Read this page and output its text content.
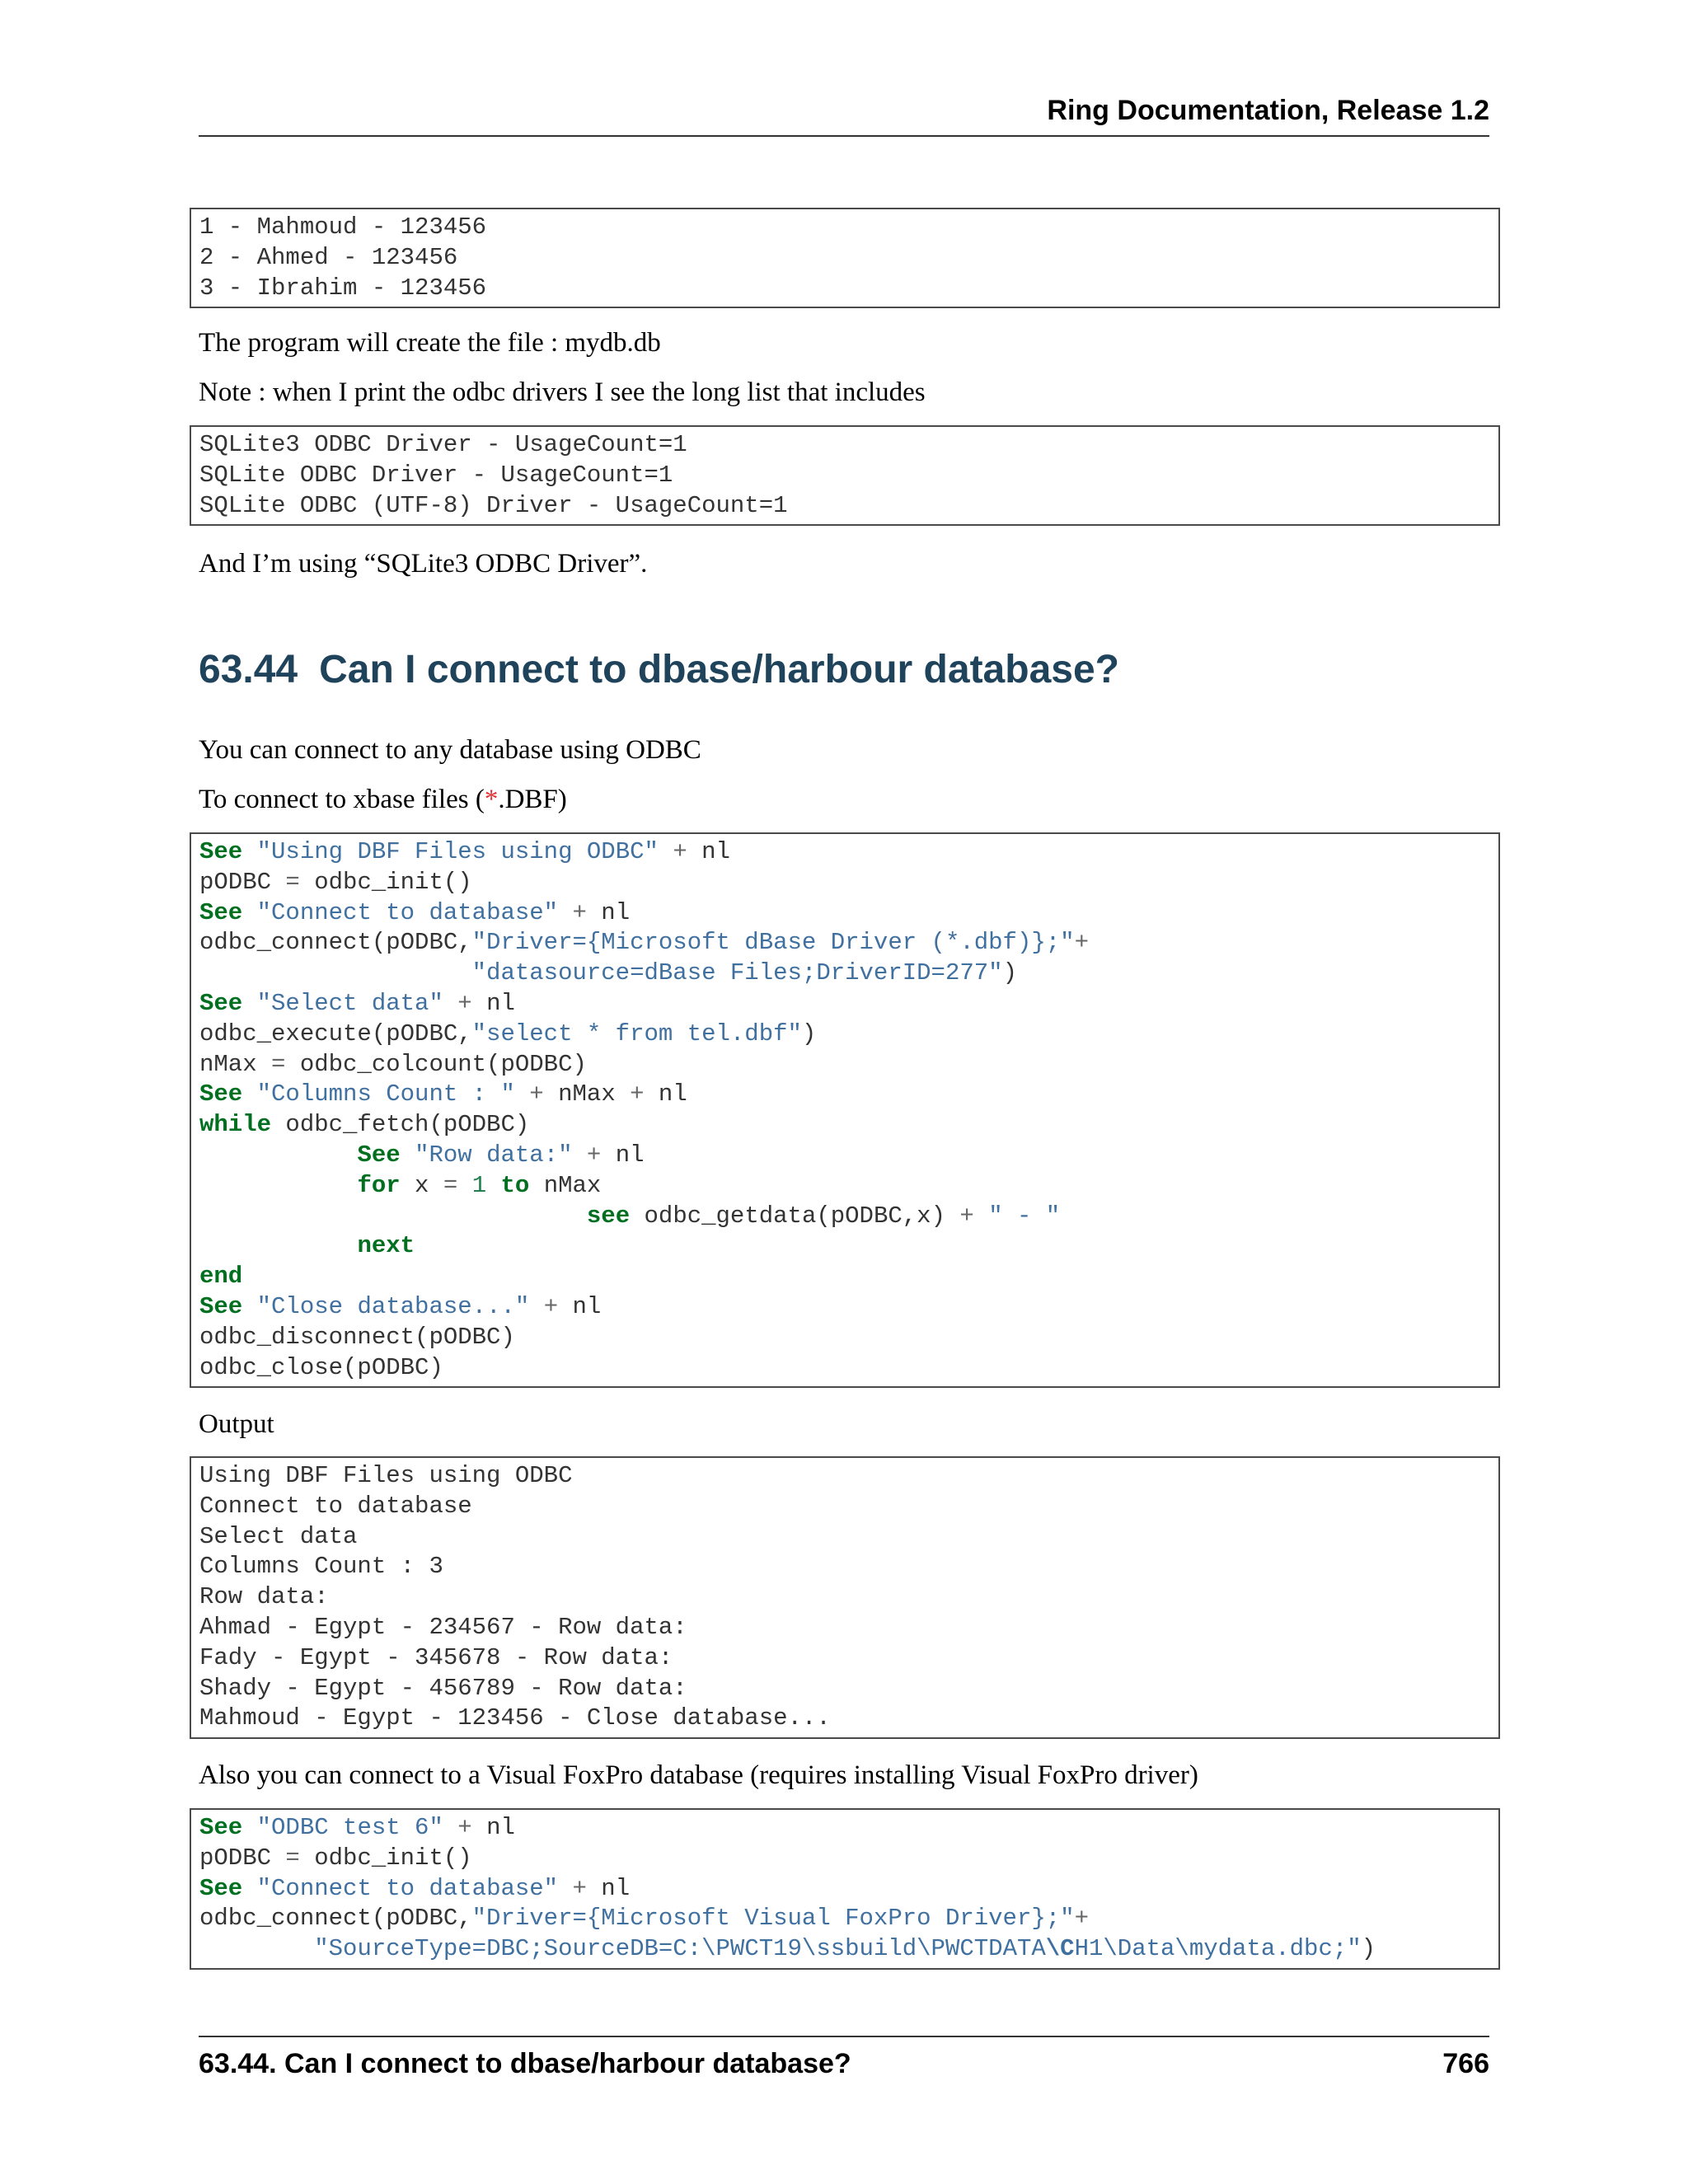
Ring Documentation, Release 1.2
1 - Mahmoud - 123456
2 - Ahmed - 123456
3 - Ibrahim - 123456
The program will create the file : mydb.db
Note : when I print the odbc drivers I see the long list that includes
SQLite3 ODBC Driver - UsageCount=1
SQLite ODBC Driver - UsageCount=1
SQLite ODBC (UTF-8) Driver - UsageCount=1
And I’m using “SQLite3 ODBC Driver”.
63.44 Can I connect to dbase/harbour database?
You can connect to any database using ODBC
To connect to xbase files (*.DBF)
See "Using DBF Files using ODBC" + nl
pODBC = odbc_init()
See "Connect to database" + nl
odbc_connect(pODBC,"Driver={Microsoft dBase Driver (*.dbf)};"+
"datasource=dBase Files;DriverID=277")
See "Select data" + nl
odbc_execute(pODBC,"select * from tel.dbf")
nMax = odbc_colcount(pODBC)
See "Columns Count : " + nMax + nl
while odbc_fetch(pODBC)
See "Row data:" + nl
for x = 1 to nMax
see odbc_getdata(pODBC,x) + " - "
next
end
See "Close database..." + nl
odbc_disconnect(pODBC)
odbc_close(pODBC)
Output
Using DBF Files using ODBC
Connect to database
Select data
Columns Count : 3
Row data:
Ahmad - Egypt - 234567 - Row data:
Fady - Egypt - 345678 - Row data:
Shady - Egypt - 456789 - Row data:
Mahmoud - Egypt - 123456 - Close database...
Also you can connect to a Visual FoxPro database (requires installing Visual FoxPro driver)
See "ODBC test 6" + nl
pODBC = odbc_init()
See "Connect to database" + nl
odbc_connect(pODBC,"Driver={Microsoft Visual FoxPro Driver};"+
"SourceType=DBC;SourceDB=C:\PWCT19\ssbuild\PWCTDATA\CH1\Data\mydata.dbc;")
63.44. Can I connect to dbase/harbour database?	766
